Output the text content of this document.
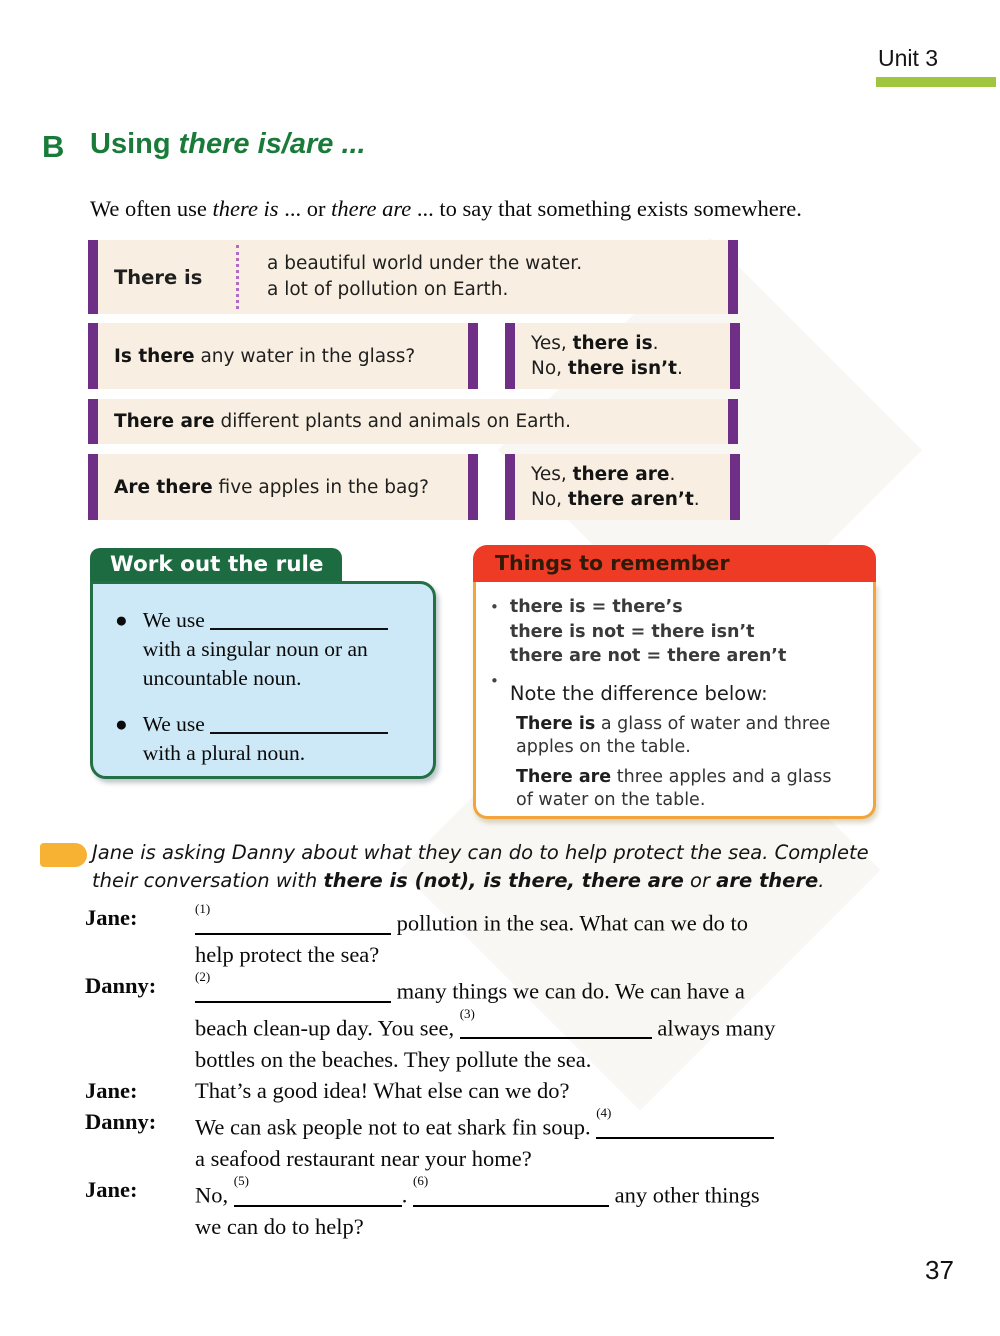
Unit 3
B Using there is/are ...

We often use there is ... or there are ... to say that something exists somewhere.

There is
a beautiful world under the water.
a lot of pollution on Earth.
Is there any water in the glass?
Yes, there is.
No, there isn’t.
There are different plants and animals on Earth.
Are there five apples in the bag?
Yes, there are.
No, there aren’t.
Work out the rule
● We use
with a singular noun or an uncountable noun.
● We use
with a plural noun.
Things to remember
• there is = there’s
there is not = there isn’t
there are not = there aren’t
•
Note the difference below:
There is a glass of water and three apples on the table.
There are three apples and a glass of water on the table.
Jane is asking Danny about what they can do to help protect the sea. Complete
their conversation with there is (not), is there, there are or are there.
Jane:	$^{(1)}$ pollution in the sea. What can we do to
help protect the sea?
Danny:	$^{(2)}$ many things we can do. We can have a
beach clean-up day. You see, $^{(3)}$ always many
bottles on the beaches. They pollute the sea.
Jane:	That’s a good idea! What else can we do?
Danny:	We can ask people not to eat shark fin soup. $^{(4)}$
a seafood restaurant near your home?
Jane:	No, $^{(5)}$. $^{(6)}$ any other things
we can do to help?
37
